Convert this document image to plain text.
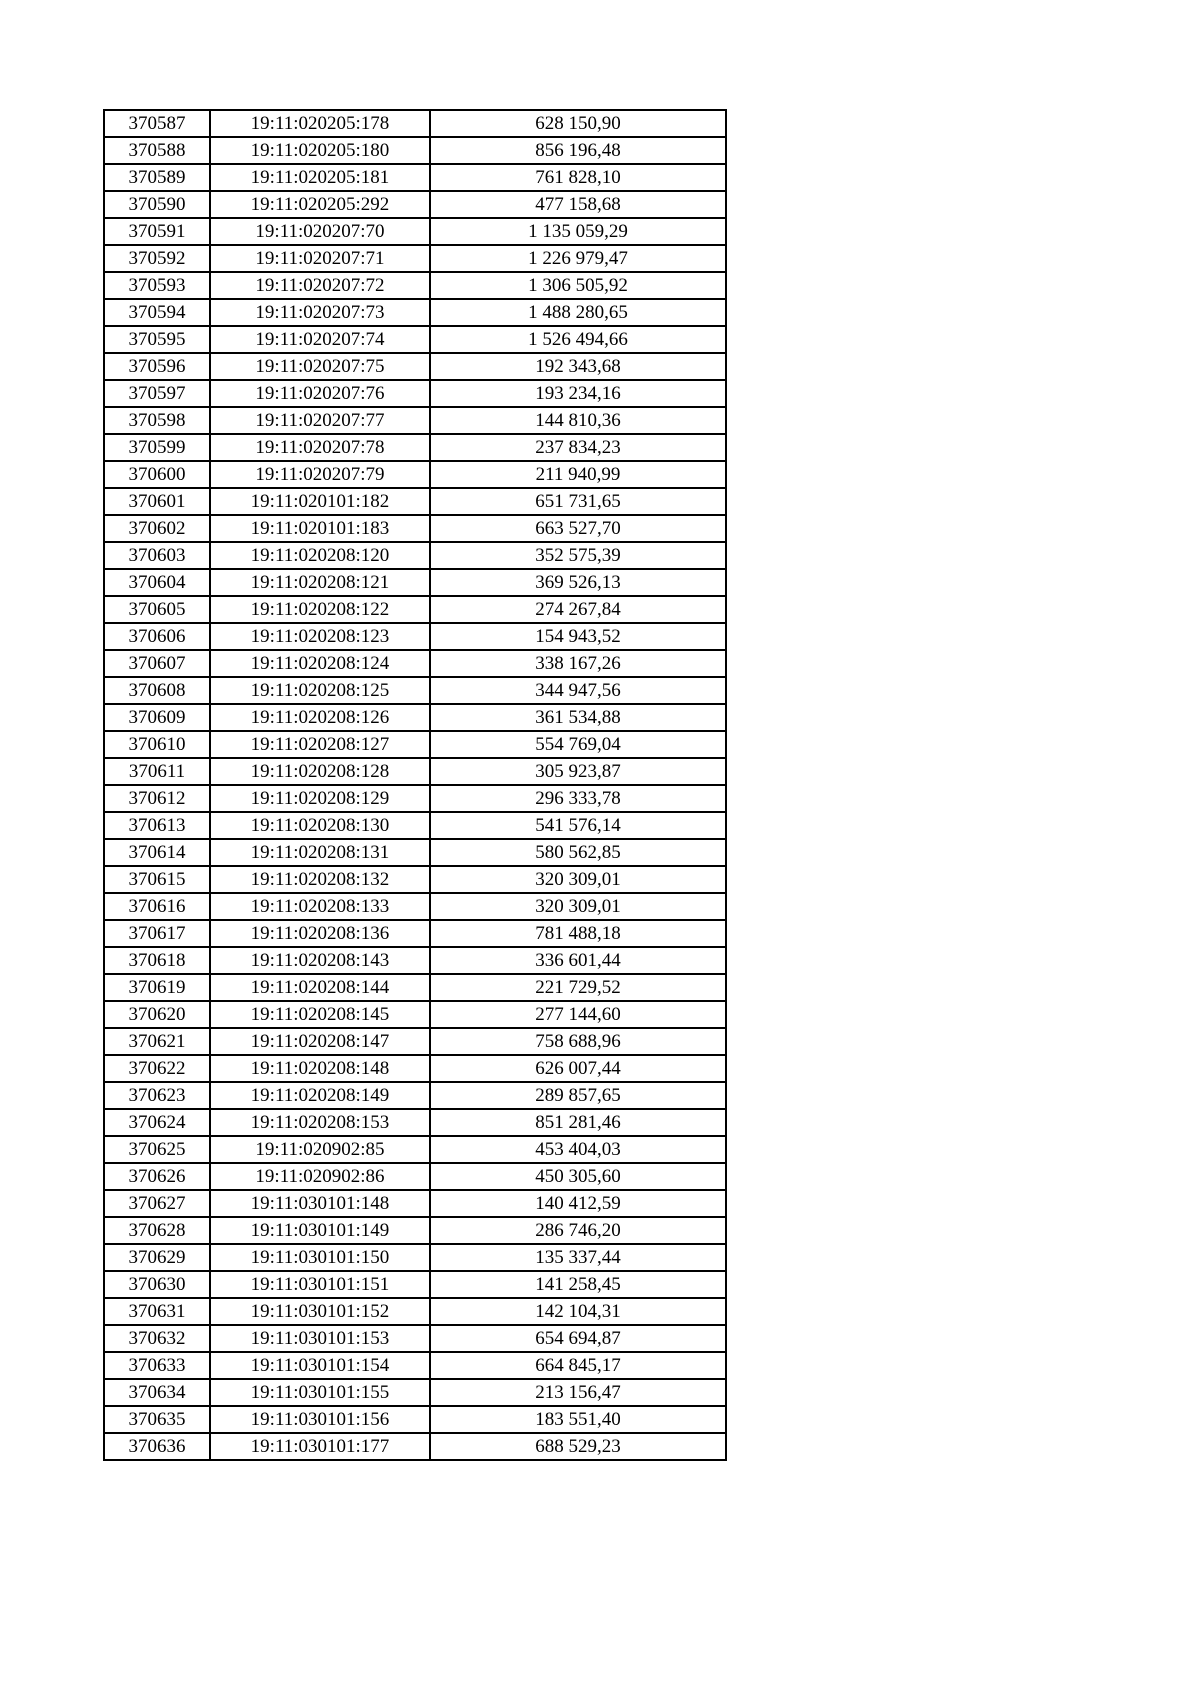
370587	19:11:020205:178	628 150,90
370588	19:11:020205:180	856 196,48
370589	19:11:020205:181	761 828,10
370590	19:11:020205:292	477 158,68
370591	19:11:020207:70	1 135 059,29
370592	19:11:020207:71	1 226 979,47
370593	19:11:020207:72	1 306 505,92
370594	19:11:020207:73	1 488 280,65
370595	19:11:020207:74	1 526 494,66
370596	19:11:020207:75	192 343,68
370597	19:11:020207:76	193 234,16
370598	19:11:020207:77	144 810,36
370599	19:11:020207:78	237 834,23
370600	19:11:020207:79	211 940,99
370601	19:11:020101:182	651 731,65
370602	19:11:020101:183	663 527,70
370603	19:11:020208:120	352 575,39
370604	19:11:020208:121	369 526,13
370605	19:11:020208:122	274 267,84
370606	19:11:020208:123	154 943,52
370607	19:11:020208:124	338 167,26
370608	19:11:020208:125	344 947,56
370609	19:11:020208:126	361 534,88
370610	19:11:020208:127	554 769,04
370611	19:11:020208:128	305 923,87
370612	19:11:020208:129	296 333,78
370613	19:11:020208:130	541 576,14
370614	19:11:020208:131	580 562,85
370615	19:11:020208:132	320 309,01
370616	19:11:020208:133	320 309,01
370617	19:11:020208:136	781 488,18
370618	19:11:020208:143	336 601,44
370619	19:11:020208:144	221 729,52
370620	19:11:020208:145	277 144,60
370621	19:11:020208:147	758 688,96
370622	19:11:020208:148	626 007,44
370623	19:11:020208:149	289 857,65
370624	19:11:020208:153	851 281,46
370625	19:11:020902:85	453 404,03
370626	19:11:020902:86	450 305,60
370627	19:11:030101:148	140 412,59
370628	19:11:030101:149	286 746,20
370629	19:11:030101:150	135 337,44
370630	19:11:030101:151	141 258,45
370631	19:11:030101:152	142 104,31
370632	19:11:030101:153	654 694,87
370633	19:11:030101:154	664 845,17
370634	19:11:030101:155	213 156,47
370635	19:11:030101:156	183 551,40
370636	19:11:030101:177	688 529,23
